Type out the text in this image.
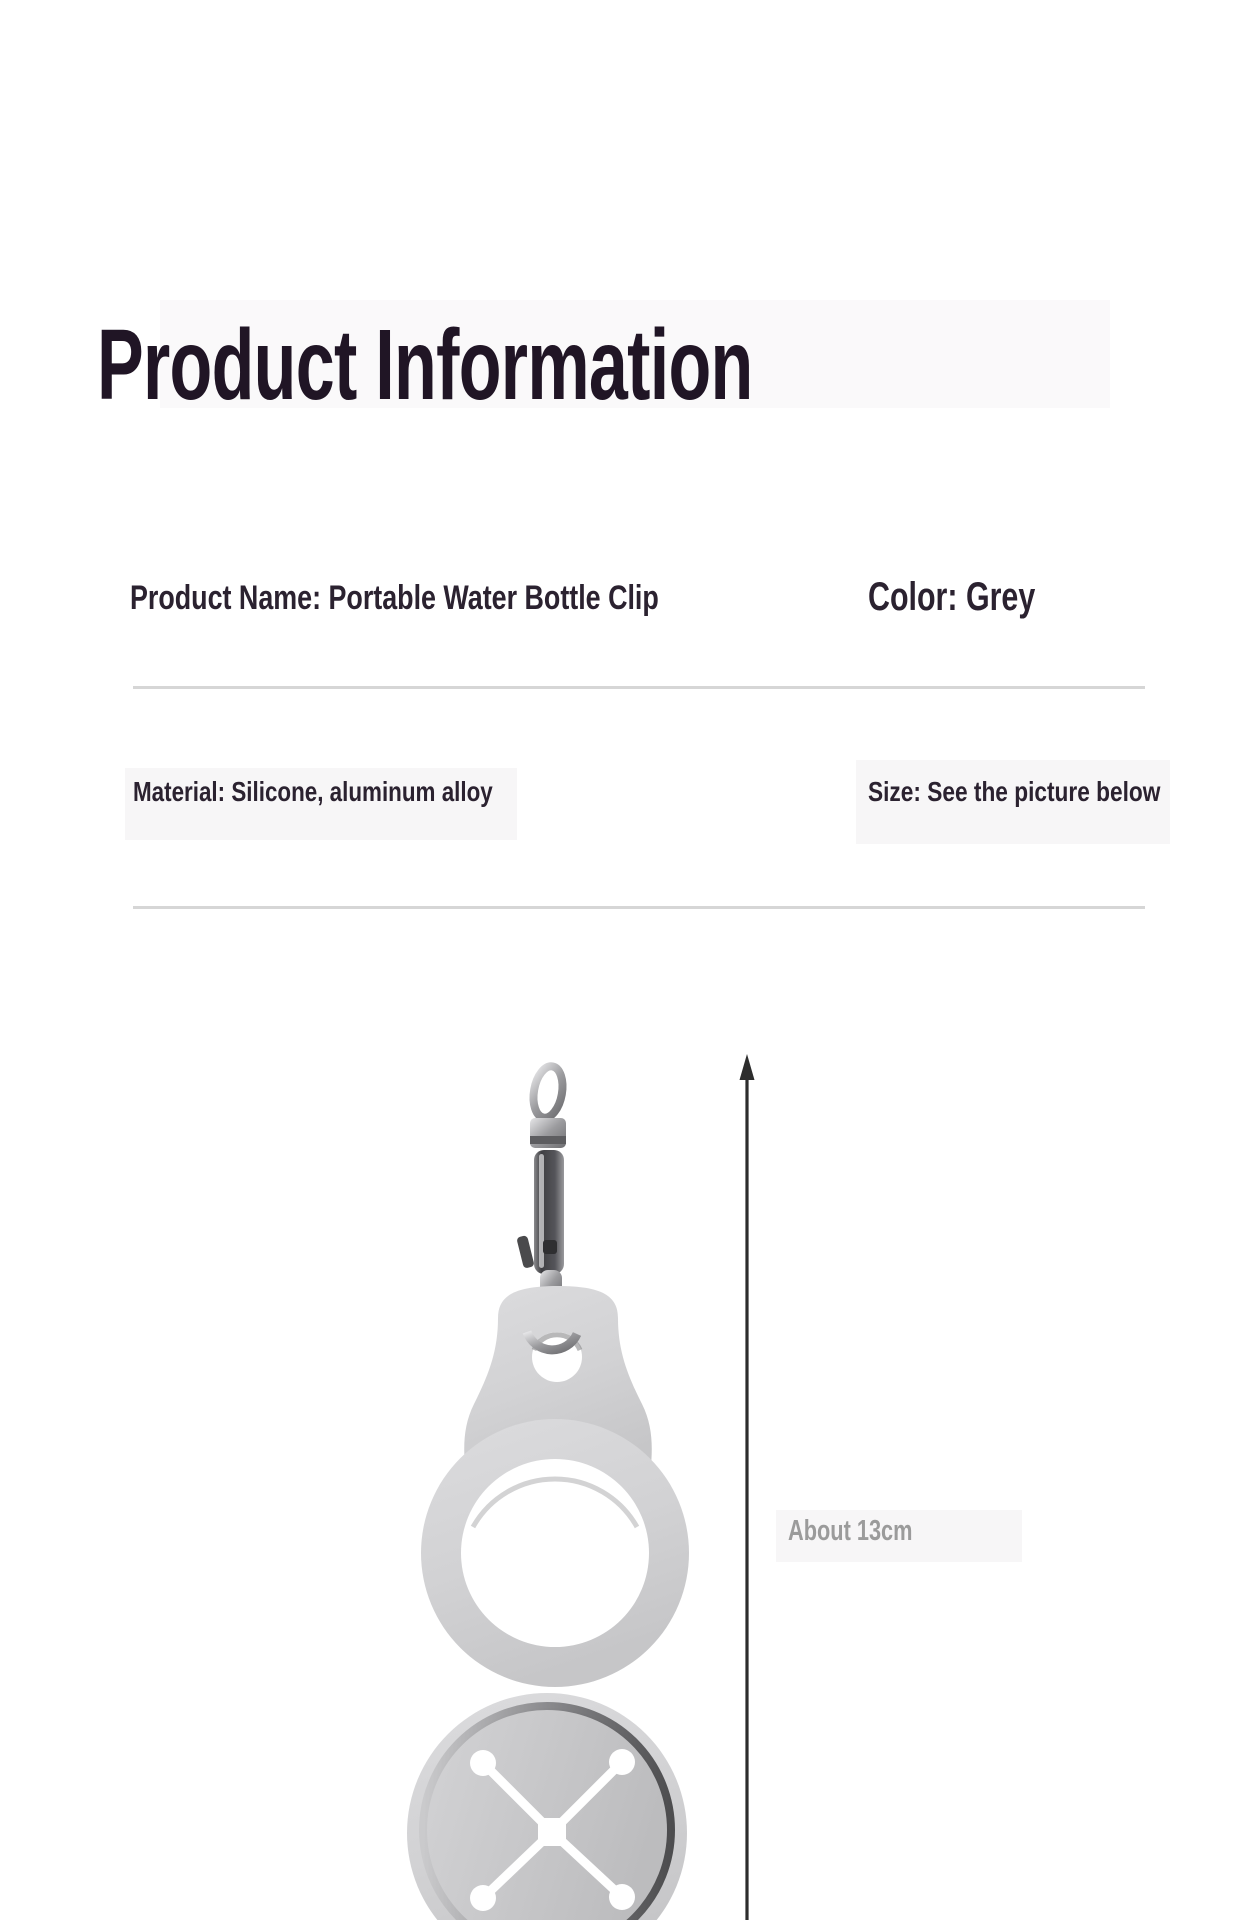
Product Information
Product Name: Portable Water Bottle Clip	Color: Grey
Material: Silicone, aluminum alloy	Size: See the picture below
About 13cm
